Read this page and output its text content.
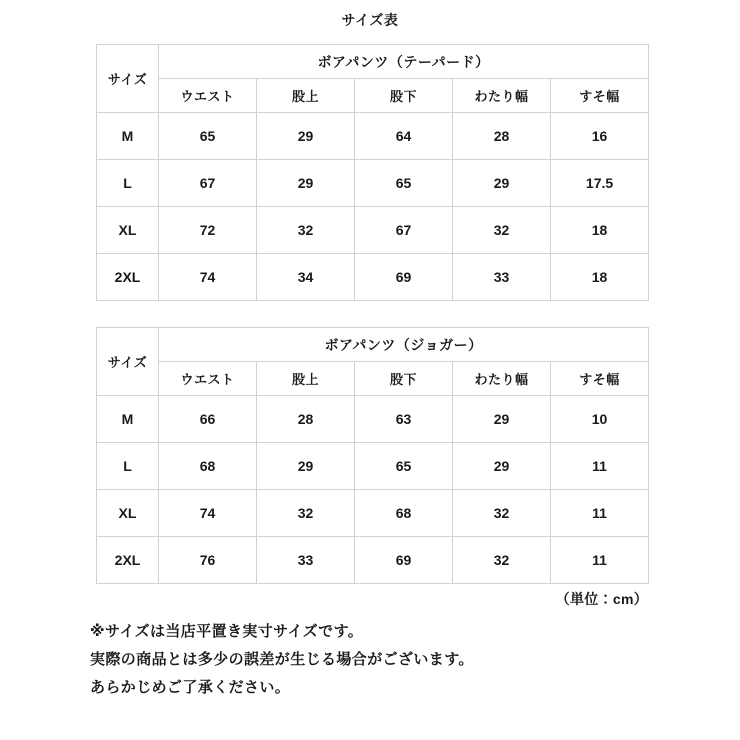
サイズ表
サイズ	ボアパンツ（テーパード）				
	ウエスト	股上	股下	わたり幅	すそ幅
M	65	29	64	28	16
L	67	29	65	29	17.5
XL	72	32	67	32	18
2XL	74	34	69	33	18
サイズ	ボアパンツ（ジョガー）				
	ウエスト	股上	股下	わたり幅	すそ幅
M	66	28	63	29	10
L	68	29	65	29	11
XL	74	32	68	32	11
2XL	76	33	69	32	11
（単位：cm）
※サイズは当店平置き実寸サイズです。
実際の商品とは多少の誤差が生じる場合がございます。
あらかじめご了承ください。
